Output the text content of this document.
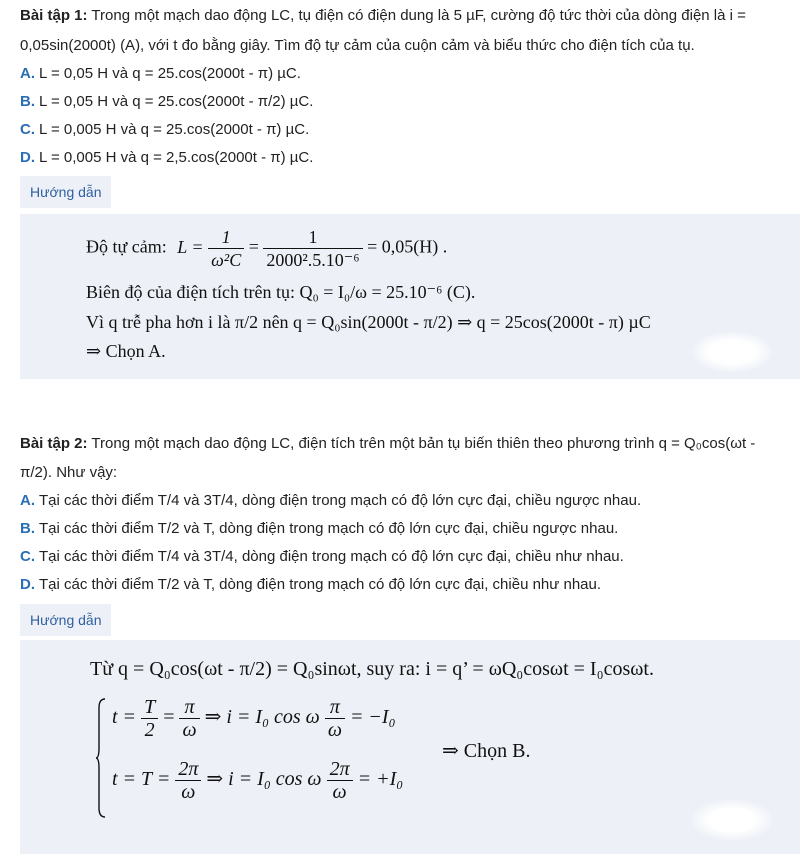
Bài tập 1: Trong một mạch dao động LC, tụ điện có điện dung là 5 µF, cường độ tức thời của dòng điện là i =
0,05sin(2000t) (A), với t đo bằng giây. Tìm độ tự cảm của cuộn cảm và biểu thức cho điện tích của tụ.
A. L = 0,05 H và q = 25.cos(2000t - π) µC.
B. L = 0,05 H và q = 25.cos(2000t - π/2) µC.
C. L = 0,005 H và q = 25.cos(2000t - π) µC.
D. L = 0,005 H và q = 2,5.cos(2000t - π) µC.
Hướng dẫn
Độ tự cảm: $L = \frac{1}{\text{ω²C}} = \frac{1}{\text{2000².5.10⁻⁶}} = 0,05(H)$ .
Biên độ của điện tích trên tụ: Q₀ = I₀/ω = 25.10⁻⁶ (C).
Vì q trễ pha hơn i là π/2 nên q = Q₀sin(2000t - π/2) ⇒ q = 25cos(2000t - π) µC
⇒ Chọn A.
Bài tập 2: Trong một mạch dao động LC, điện tích trên một bản tụ biến thiên theo phương trình q = Q₀cos(ωt -
π/2). Như vậy:
A. Tại các thời điểm T/4 và 3T/4, dòng điện trong mạch có độ lớn cực đại, chiều ngược nhau.
B. Tại các thời điểm T/2 và T, dòng điện trong mạch có độ lớn cực đại, chiều ngược nhau.
C. Tại các thời điểm T/4 và 3T/4, dòng điện trong mạch có độ lớn cực đại, chiều như nhau.
D. Tại các thời điểm T/2 và T, dòng điện trong mạch có độ lớn cực đại, chiều như nhau.
Hướng dẫn
Từ q = Q₀cos(ωt - π/2) = Q₀sinωt, suy ra: i = q’ = ωQ₀cosωt = I₀cosωt.
$t = \frac{T}{2} = \frac{\pi}{\omega}$ ⇒ i = I₀ cos ω $\frac{\pi}{\omega} = -I_0$
$t = T = \frac{2\pi}{\omega}$ ⇒ i = I₀ cos ω $\frac{2\pi}{\omega} = +I_0$
⇒ Chọn B.
